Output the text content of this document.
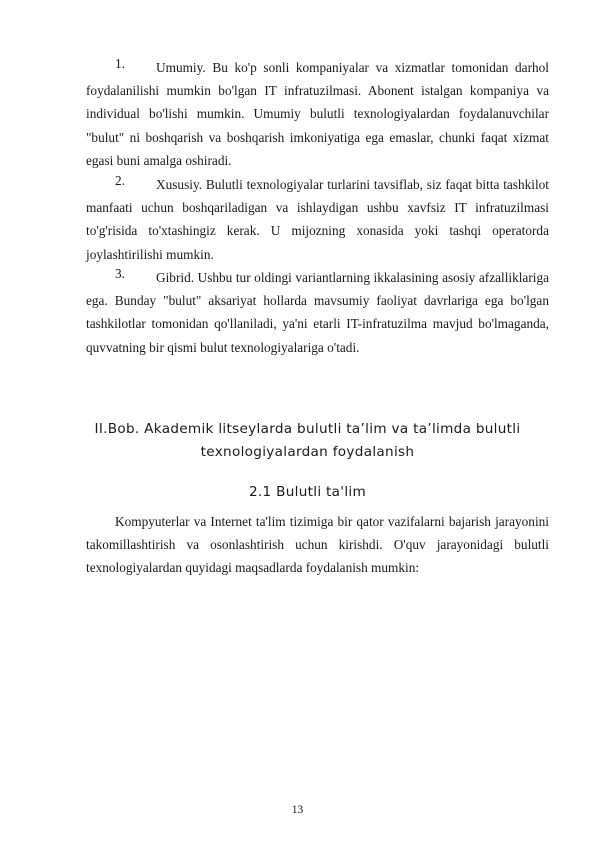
1.	Umumiy. Bu ko'p sonli kompaniyalar va xizmatlar tomonidan darhol foydalanilishi mumkin bo'lgan IT infratuzilmasi. Abonent istalgan kompaniya va individual bo'lishi mumkin. Umumiy bulutli texnologiyalardan foydalanuvchilar "bulut" ni boshqarish va boshqarish imkoniyatiga ega emaslar, chunki faqat xizmat egasi buni amalga oshiradi.

2.	Xususiy. Bulutli texnologiyalar turlarini tavsiflab, siz faqat bitta tashkilot manfaati uchun boshqariladigan va ishlaydigan ushbu xavfsiz IT infratuzilmasi to'g'risida to'xtashingiz kerak. U mijozning xonasida yoki tashqi operatorda joylashtirilishi mumkin.

3.	Gibrid. Ushbu tur oldingi variantlarning ikkalasining asosiy afzalliklariga ega. Bunday "bulut" aksariyat hollarda mavsumiy faoliyat davrlariga ega bo'lgan tashkilotlar tomonidan qo'llaniladi, ya'ni etarli IT-infratuzilma mavjud bo'lmaganda, quvvatning bir qismi bulut texnologiyalariga o'tadi.

II.Bob. Akademik litseylarda bulutli ta’lim va ta’limda bulutli texnologiyalardan foydalanish
2.1 Bulutli ta'lim

Kompyuterlar va Internet ta'lim tizimiga bir qator vazifalarni bajarish jarayonini takomillashtirish va osonlashtirish uchun kirishdi. O'quv jarayonidagi bulutli texnologiyalardan quyidagi maqsadlarda foydalanish mumkin:

13
